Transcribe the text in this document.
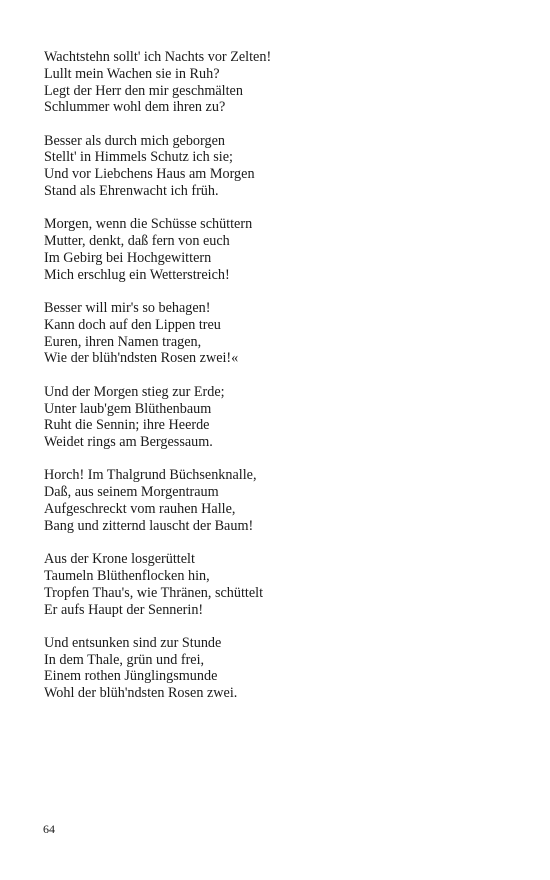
Wachtstehn sollt' ich Nachts vor Zelten!
Lullt mein Wachen sie in Ruh?
Legt der Herr den mir geschmälten
Schlummer wohl dem ihren zu?
Besser als durch mich geborgen
Stellt' in Himmels Schutz ich sie;
Und vor Liebchens Haus am Morgen
Stand als Ehrenwacht ich früh.
Morgen, wenn die Schüsse schüttern
Mutter, denkt, daß fern von euch
Im Gebirg bei Hochgewittern
Mich erschlug ein Wetterstreich!
Besser will mir's so behagen!
Kann doch auf den Lippen treu
Euren, ihren Namen tragen,
Wie der blüh'ndsten Rosen zwei!«
Und der Morgen stieg zur Erde;
Unter laub'gem Blüthenbaum
Ruht die Sennin; ihre Heerde
Weidet rings am Bergessaum.
Horch! Im Thalgrund Büchsenknalle,
Daß, aus seinem Morgentraum
Aufgeschreckt vom rauhen Halle,
Bang und zitternd lauscht der Baum!
Aus der Krone losgerüttelt
Taumeln Blüthenflocken hin,
Tropfen Thau's, wie Thränen, schüttelt
Er aufs Haupt der Sennerin!
Und entsunken sind zur Stunde
In dem Thale, grün und frei,
Einem rothen Jünglingsmunde
Wohl der blüh'ndsten Rosen zwei.
64
